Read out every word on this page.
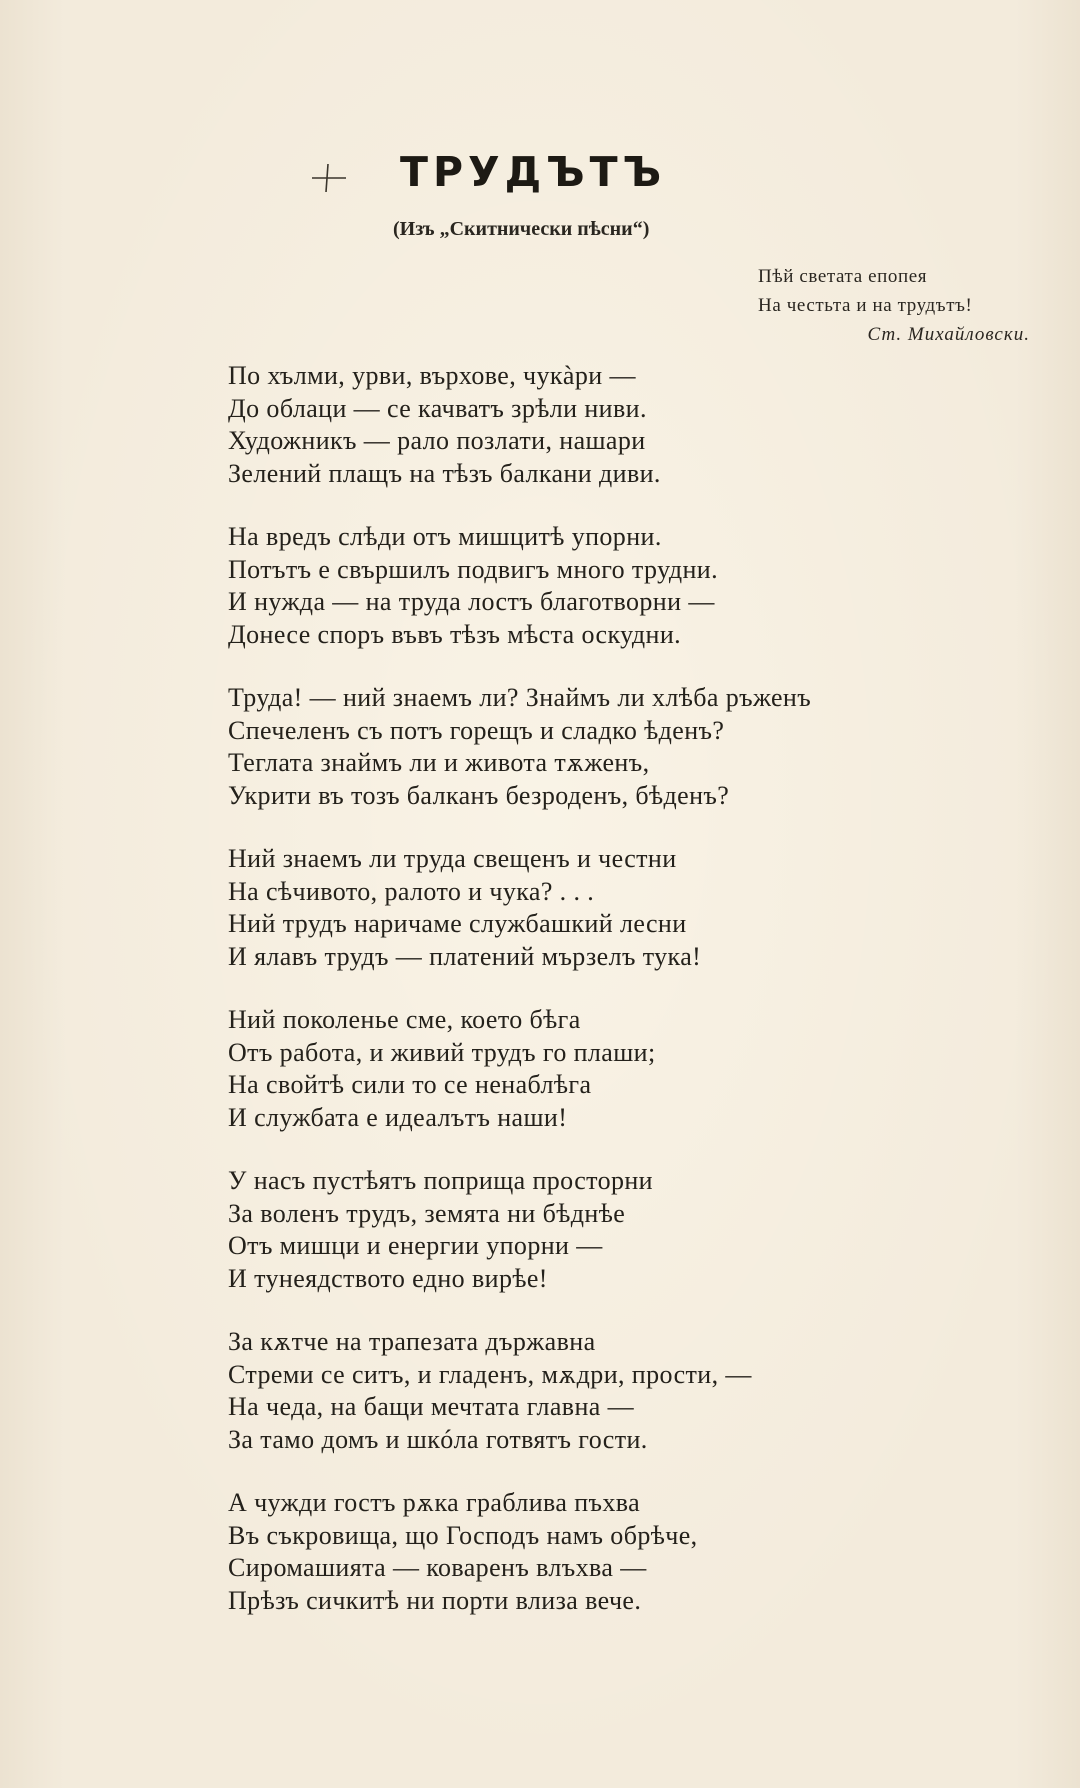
ТРУДЪТЪ
(Изъ „Скитнически пѣсни“)
Пѣй светата епопея
На честьта и на трудътъ!
Ст. Михайловски.
По хълми, урви, върхове, чукàри —
До облаци — се качватъ зрѣли ниви.
Художникъ — рало позлати, нашари
Зелений плащъ на тѣзъ балкани диви.
На вредъ слѣди отъ мишцитѣ упорни.
Потътъ е свършилъ подвигъ много трудни.
И нужда — на труда лостъ благотворни —
Донесе споръ въвъ тѣзъ мѣста оскудни.
Труда! — ний знаемъ ли? Знаймъ ли хлѣба ръженъ
Спечеленъ съ потъ горещъ и сладко ѣденъ?
Теглата знаймъ ли и живота тѫженъ,
Укрити въ тозъ балканъ безроденъ, бѣденъ?
Ний знаемъ ли труда свещенъ и честни
На сѣчивото, ралото и чука? . . .
Ний трудъ наричаме службашкий лесни
И ялавъ трудъ — платений мързелъ тука!
Ний поколенье сме, което бѣга
Отъ работа, и живий трудъ го плаши;
На свойтѣ сили то се ненаблѣга
И службата е идеалътъ наши!
У насъ пустѣятъ поприща просторни
За воленъ трудъ, земята ни бѣднѣе
Отъ мишци и енергии упорни —
И тунеядството едно вирѣе!
За кѫтче на трапезата държавна
Стреми се ситъ, и гладенъ, мѫдри, прости, —
На чеда, на бащи мечтата главна —
За тамо домъ и шкóла готвятъ гости.
А чужди гостъ рѫка граблива пъхва
Въ съкровища, що Господъ намъ обрѣче,
Сиромашията — коваренъ влъхва —
Прѣзъ сичкитѣ ни порти влиза вече.
